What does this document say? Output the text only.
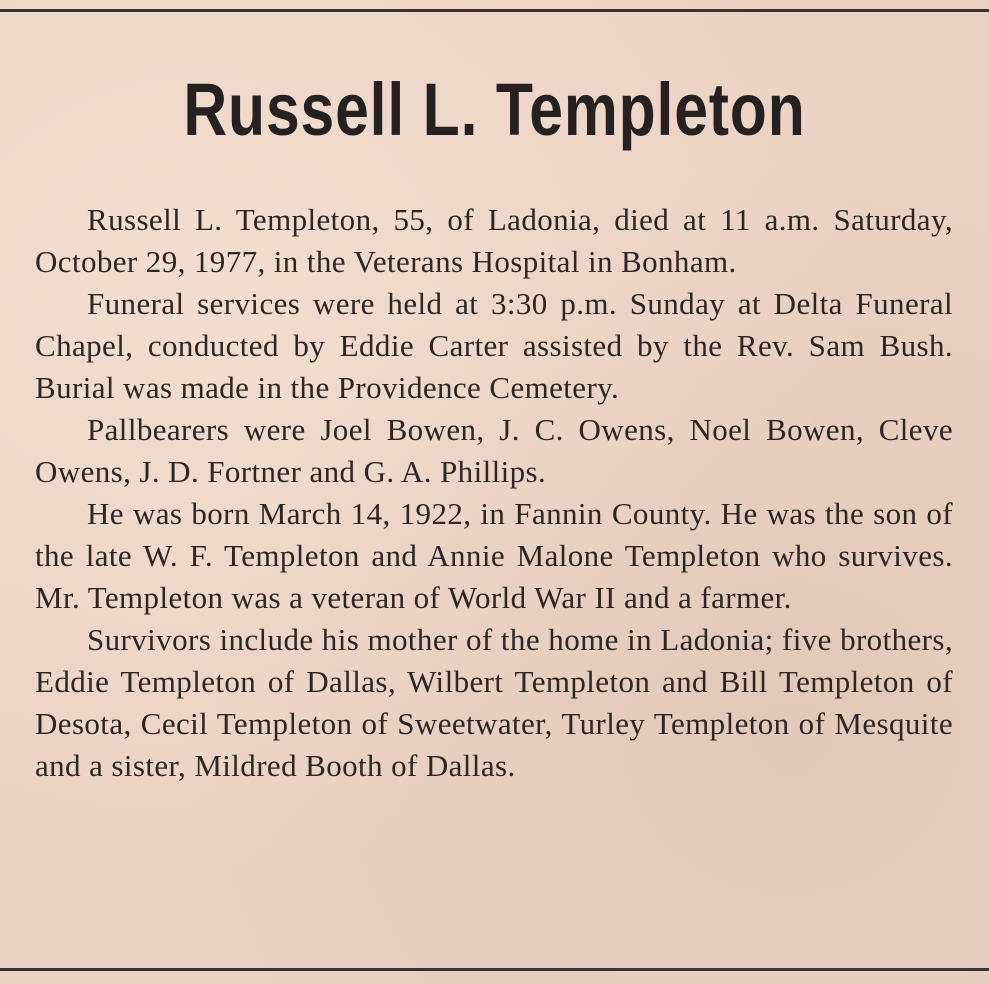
Russell L. Templeton

Russell L. Templeton, 55, of Ladonia, died at 11 a.m. Saturday, October 29, 1977, in the Veterans Hospital in Bonham.

Funeral services were held at 3:30 p.m. Sunday at Delta Funeral Chapel, conducted by Eddie Carter assisted by the Rev. Sam Bush. Burial was made in the Providence Cemetery.

Pallbearers were Joel Bowen, J. C. Owens, Noel Bowen, Cleve Owens, J. D. Fortner and G. A. Phillips.

He was born March 14, 1922, in Fannin County. He was the son of the late W. F. Templeton and Annie Malone Templeton who survives. Mr. Templeton was a veteran of World War II and a farmer.

Survivors include his mother of the home in Ladonia; five brothers, Eddie Templeton of Dallas, Wilbert Templeton and Bill Templeton of Desota, Cecil Templeton of Sweetwater, Turley Templeton of Mesquite and a sister, Mildred Booth of Dallas.
